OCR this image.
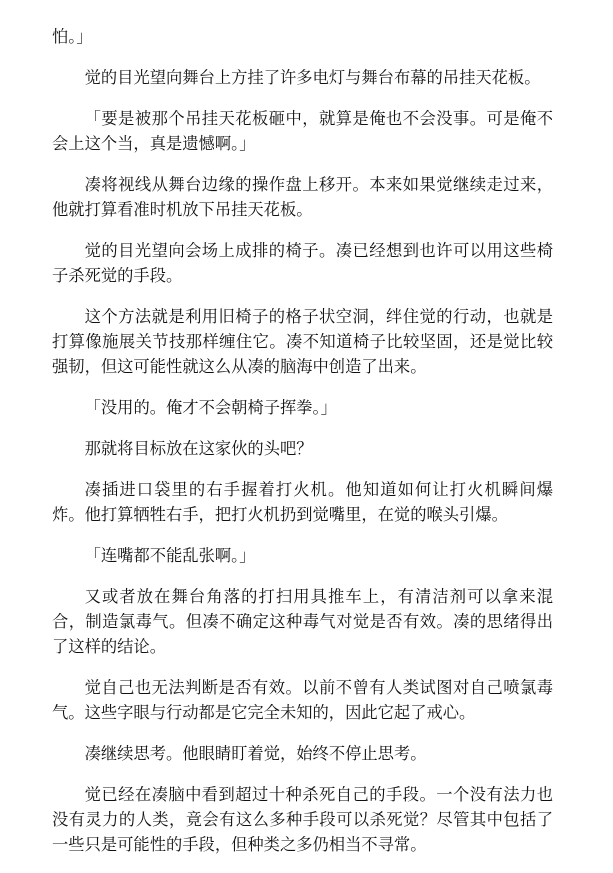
怕。」

觉的目光望向舞台上方挂了许多电灯与舞台布幕的吊挂天花板。

「要是被那个吊挂天花板砸中，就算是俺也不会没事。可是俺不会上这个当，真是遗憾啊。」

凑将视线从舞台边缘的操作盘上移开。本来如果觉继续走过来，他就打算看准时机放下吊挂天花板。

觉的目光望向会场上成排的椅子。凑已经想到也许可以用这些椅子杀死觉的手段。

这个方法就是利用旧椅子的格子状空洞，绊住觉的行动，也就是打算像施展关节技那样缠住它。凑不知道椅子比较坚固，还是觉比较强韧，但这可能性就这么从凑的脑海中创造了出来。

「没用的。俺才不会朝椅子挥拳。」

那就将目标放在这家伙的头吧？

凑插进口袋里的右手握着打火机。他知道如何让打火机瞬间爆炸。他打算牺牲右手，把打火机扔到觉嘴里，在觉的喉头引爆。

「连嘴都不能乱张啊。」

又或者放在舞台角落的打扫用具推车上，有清洁剂可以拿来混合，制造氯毒气。但凑不确定这种毒气对觉是否有效。凑的思绪得出了这样的结论。

觉自己也无法判断是否有效。以前不曾有人类试图对自己喷氯毒气。这些字眼与行动都是它完全未知的，因此它起了戒心。

凑继续思考。他眼睛盯着觉，始终不停止思考。

觉已经在凑脑中看到超过十种杀死自己的手段。一个没有法力也没有灵力的人类，竟会有这么多种手段可以杀死觉？尽管其中包括了一些只是可能性的手段，但种类之多仍相当不寻常。
